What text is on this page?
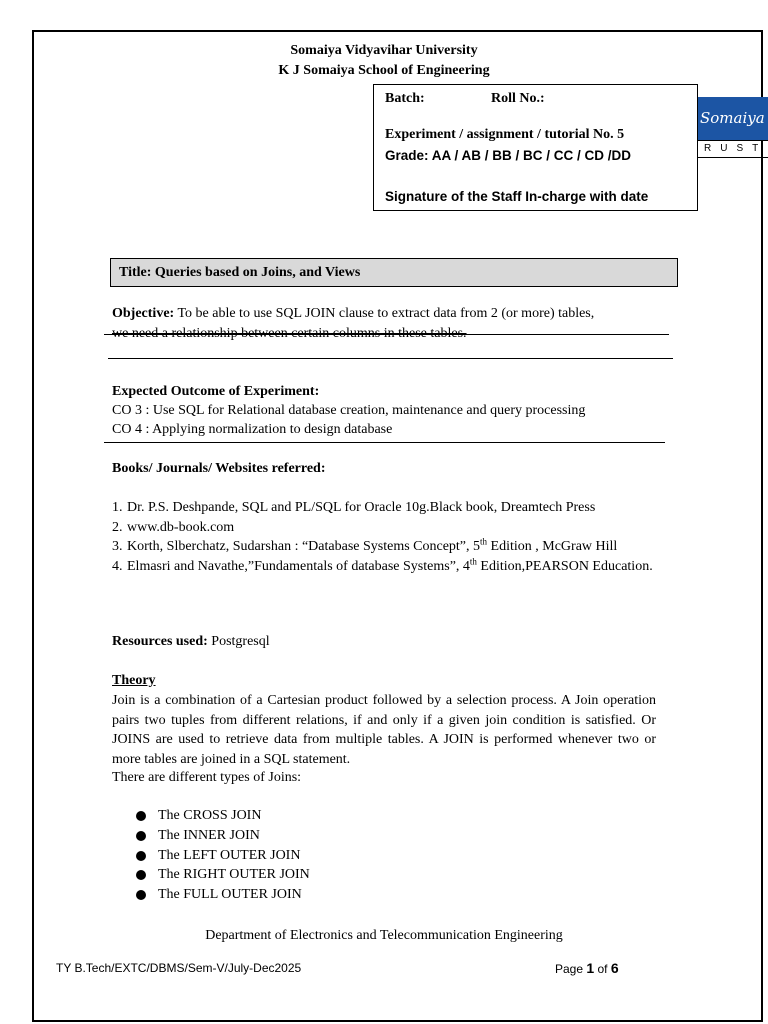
Somaiya Vidyavihar University
K J Somaiya School of Engineering
Batch:	Roll No.:
Experiment / assignment / tutorial No. 5
Grade: AA / AB / BB / BC / CC / CD /DD
Signature of the Staff In-charge with date
Somaiya
RUST
Title: Queries based on Joins, and Views
Objective: To be able to use SQL JOIN clause to extract data from 2 (or more) tables,
we need a relationship between certain columns in these tables.
Expected Outcome of Experiment:
CO 3 : Use SQL for Relational database creation, maintenance and query processing
CO 4 : Applying normalization to design database
Books/ Journals/ Websites referred:
1. Dr. P.S. Deshpande, SQL and PL/SQL for Oracle 10g.Black book, Dreamtech Press
2. www.db-book.com
3. Korth, Slberchatz, Sudarshan : “Database Systems Concept”, 5th Edition , McGraw Hill
4. Elmasri and Navathe,”Fundamentals of database Systems”, 4th Edition,PEARSON Education.
Resources used: Postgresql
Theory

Join is a combination of a Cartesian product followed by a selection process. A Join operation pairs two tuples from different relations, if and only if a given join condition is satisfied. Or JOINS are used to retrieve data from multiple tables. A JOIN is performed whenever two or more tables are joined in a SQL statement.

There are different types of Joins:
The CROSS JOIN
The INNER JOIN
The LEFT OUTER JOIN
The RIGHT OUTER JOIN
The FULL OUTER JOIN
Department of Electronics and Telecommunication Engineering
TY B.Tech/EXTC/DBMS/Sem-V/July-Dec2025	Page 1 of 6
